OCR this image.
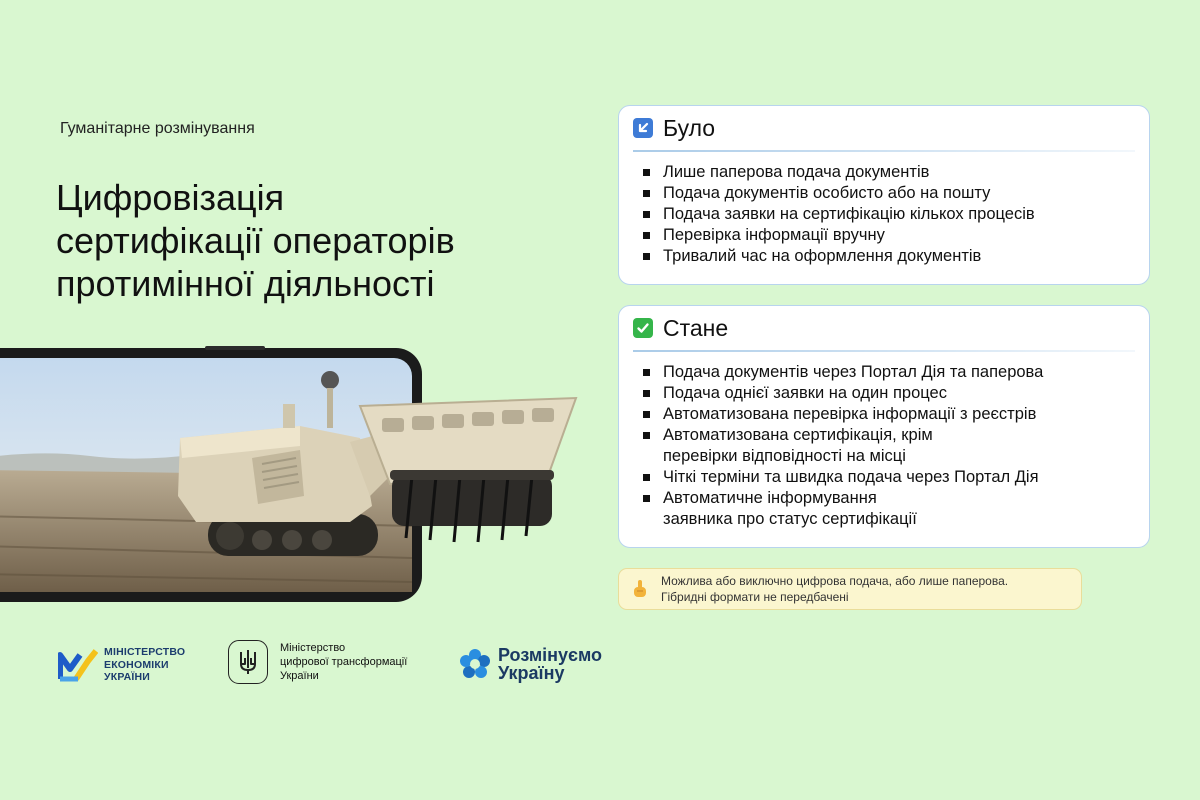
Гуманітарне розмінування
Цифровізація
сертифікації операторів
протимінної діяльності
Було
Лише паперова подача документів
Подача документів особисто або на пошту
Подача заявки на сертифікацію кількох процесів
Перевірка інформації вручну
Тривалий час на оформлення документів
Стане
Подача документів через Портал Дія та паперова
Подача однієї заявки на один процес
Автоматизована перевірка інформації з реєстрів
Автоматизована сертифікація, крім перевірки відповідності на місці
Чіткі терміни та швидка подача через Портал Дія
Автоматичне інформування заявника про статус сертифікації
Можлива або виключно цифрова подача, або лише паперова.
Гібридні формати не передбачені
МІНІСТЕРСТВО
ЕКОНОМІКИ
УКРАЇНИ
Міністерство
цифрової трансформації
України
Розмінуємо
Україну
